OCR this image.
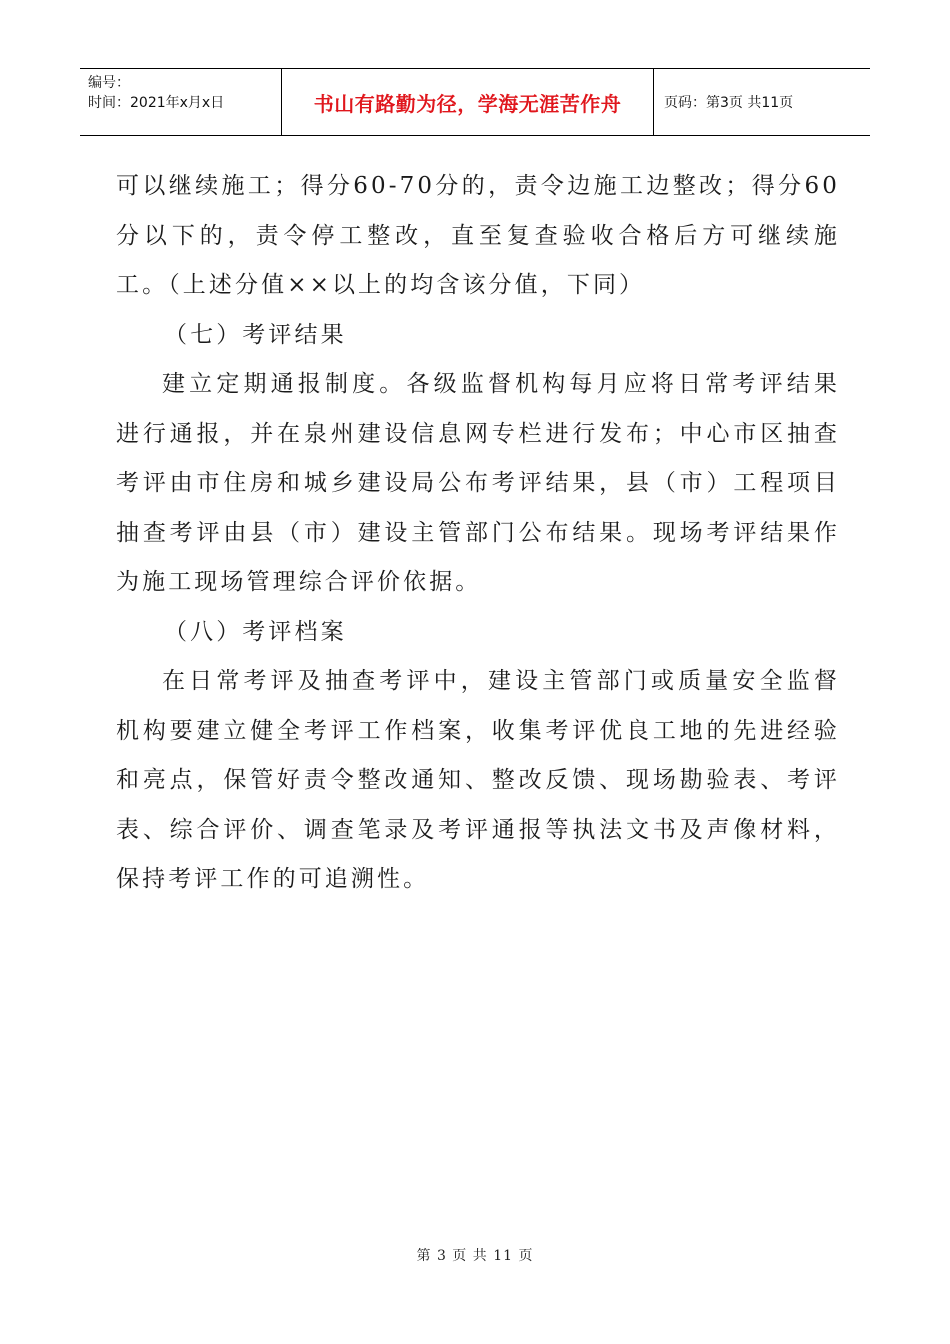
编号：
时间：2021年x月x日	书山有路勤为径，学海无涯苦作舟	页码：第3页 共11页

可以继续施工；得分60-70分的，责令边施工边整改；得分60分以下的，责令停工整改，直至复查验收合格后方可继续施工。（上述分值××以上的均含该分值，下同）

（七）考评结果

建立定期通报制度。各级监督机构每月应将日常考评结果进行通报，并在泉州建设信息网专栏进行发布；中心市区抽查考评由市住房和城乡建设局公布考评结果，县（市）工程项目抽查考评由县（市）建设主管部门公布结果。现场考评结果作为施工现场管理综合评价依据。

（八）考评档案

在日常考评及抽查考评中，建设主管部门或质量安全监督机构要建立健全考评工作档案，收集考评优良工地的先进经验和亮点，保管好责令整改通知、整改反馈、现场勘验表、考评表、综合评价、调查笔录及考评通报等执法文书及声像材料，保持考评工作的可追溯性。

第 3 页 共 11 页
